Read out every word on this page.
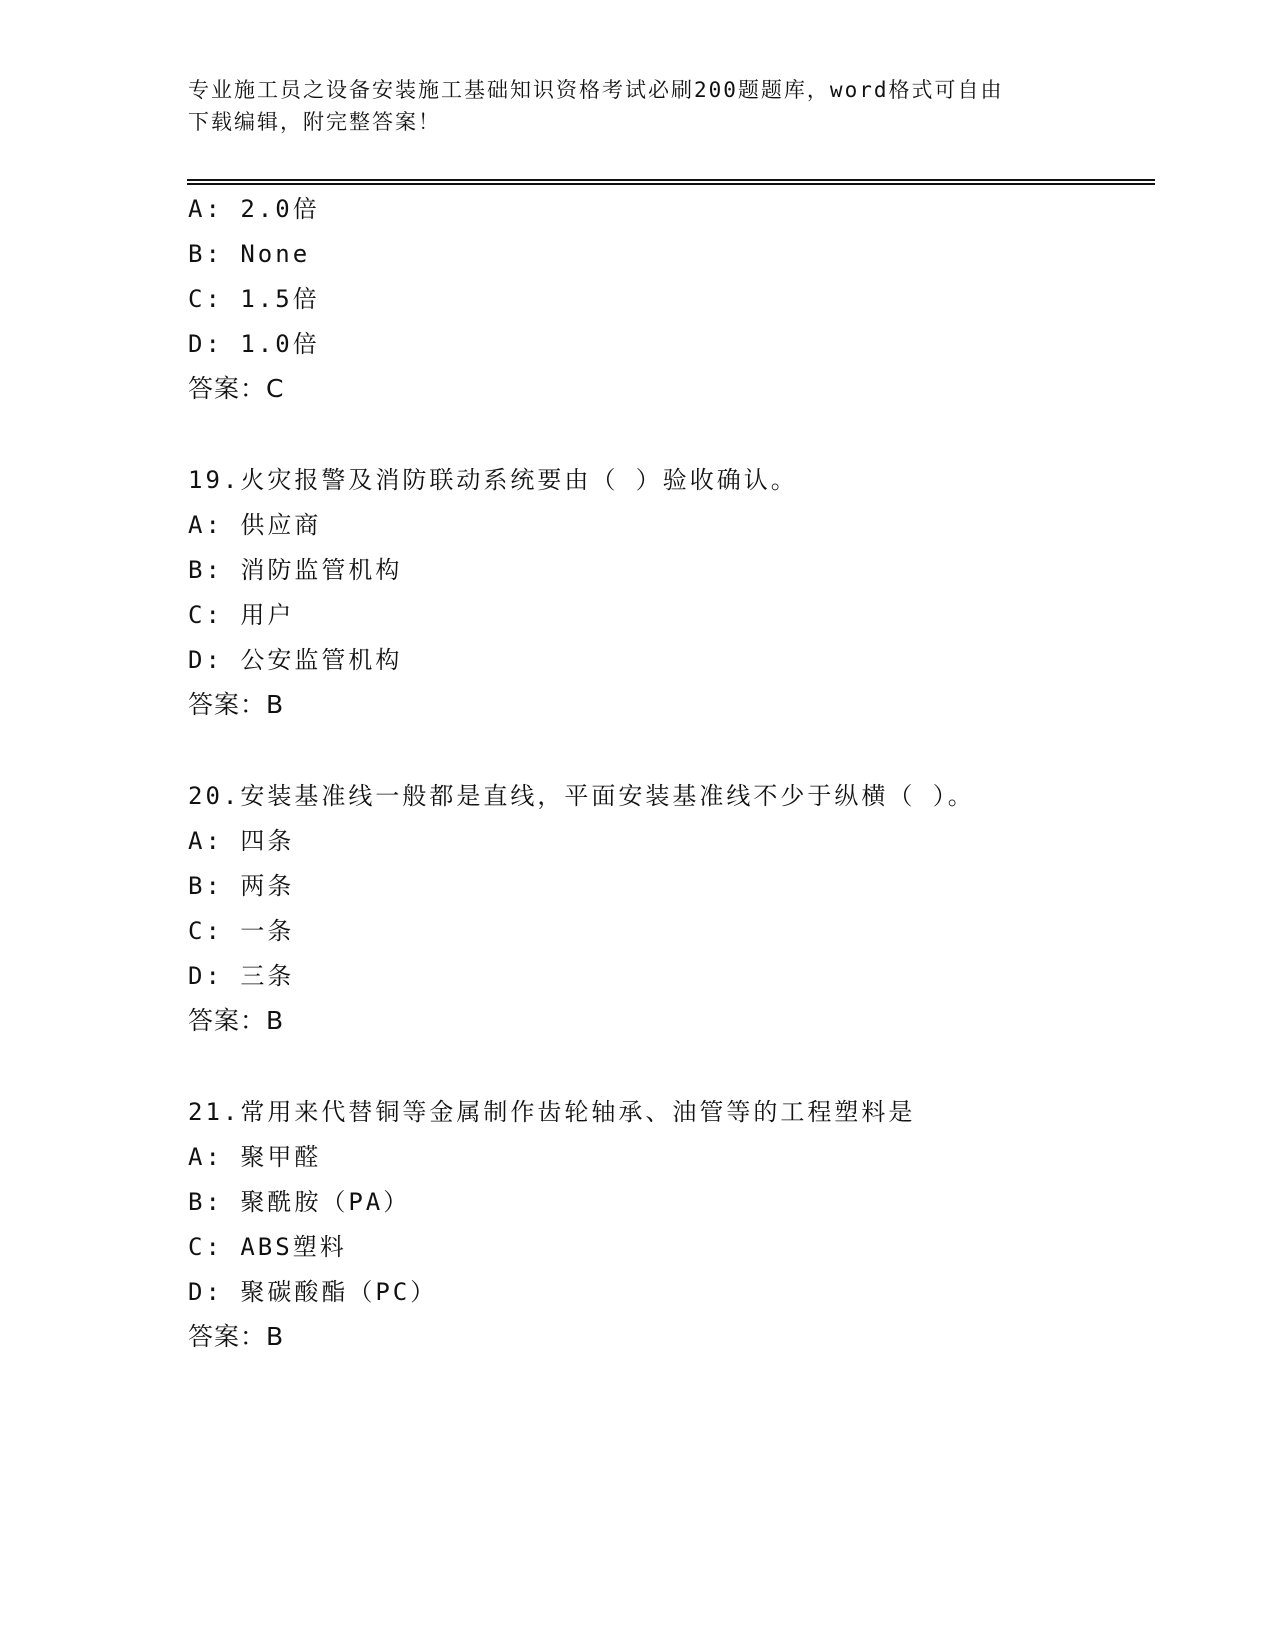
专业施工员之设备安装施工基础知识资格考试必刷200题题库，word格式可自由
下载编辑，附完整答案！
A: 2.0倍
B: None
C: 1.5倍
D: 1.0倍
答案：C
19.火灾报警及消防联动系统要由（ ）验收确认。
A: 供应商
B: 消防监管机构
C: 用户
D: 公安监管机构
答案：B
20.安装基准线一般都是直线，平面安装基准线不少于纵横（ ）。
A: 四条
B: 两条
C: 一条
D: 三条
答案：B
21.常用来代替铜等金属制作齿轮轴承、油管等的工程塑料是
A: 聚甲醛
B: 聚酰胺（PA）
C: ABS塑料
D: 聚碳酸酯（PC）
答案：B
